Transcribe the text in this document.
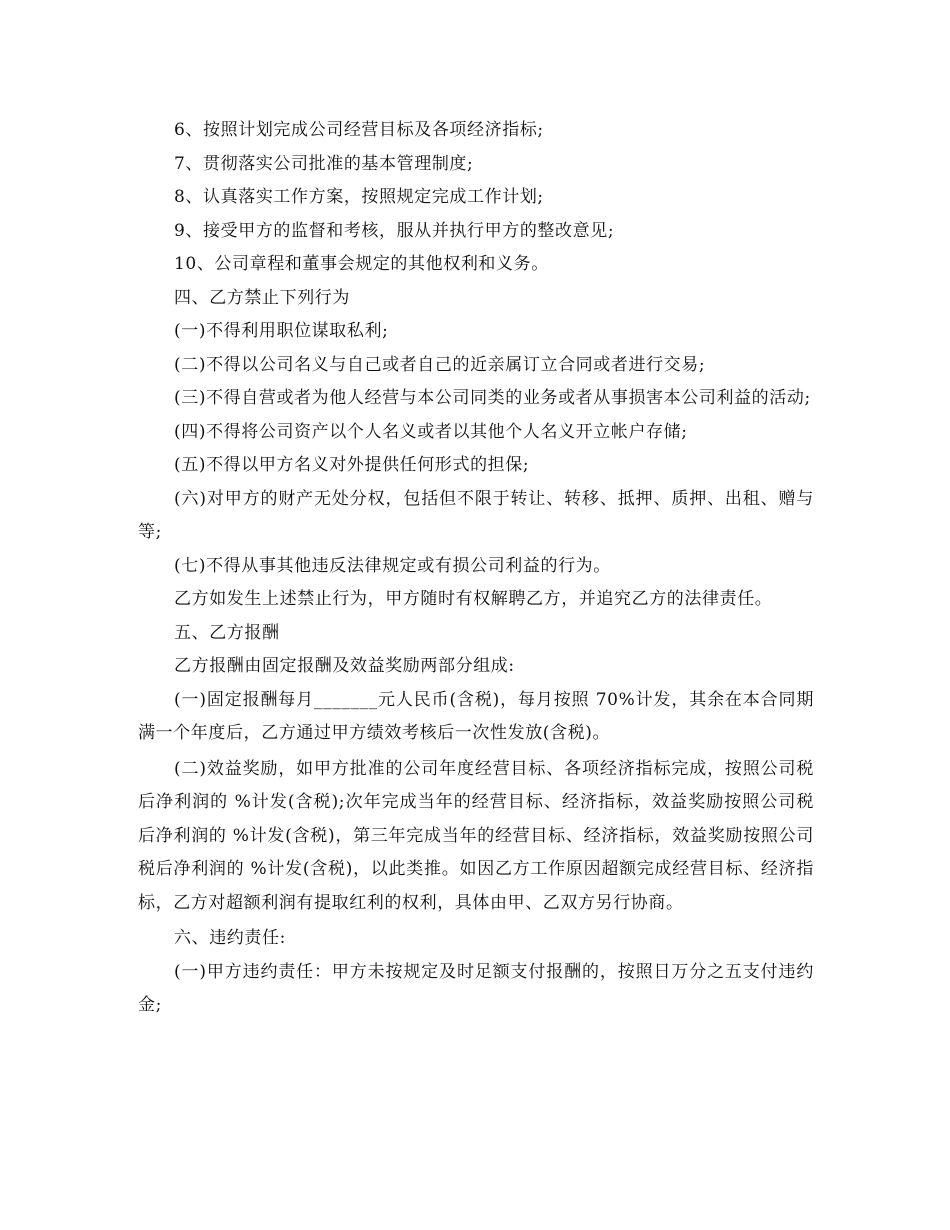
6、按照计划完成公司经营目标及各项经济指标;

7、贯彻落实公司批准的基本管理制度;

8、认真落实工作方案，按照规定完成工作计划;

9、接受甲方的监督和考核，服从并执行甲方的整改意见;

10、公司章程和董事会规定的其他权利和义务。

四、乙方禁止下列行为

(一)不得利用职位谋取私利;

(二)不得以公司名义与自己或者自己的近亲属订立合同或者进行交易;

(三)不得自营或者为他人经营与本公司同类的业务或者从事损害本公司利益的活动;

(四)不得将公司资产以个人名义或者以其他个人名义开立帐户存储;

(五)不得以甲方名义对外提供任何形式的担保;

(六)对甲方的财产无处分权，包括但不限于转让、转移、抵押、质押、出租、赠与等;

(七)不得从事其他违反法律规定或有损公司利益的行为。

乙方如发生上述禁止行为，甲方随时有权解聘乙方，并追究乙方的法律责任。

五、乙方报酬

乙方报酬由固定报酬及效益奖励两部分组成:

(一)固定报酬每月_______元人民币(含税)，每月按照 70%计发，其余在本合同期满一个年度后，乙方通过甲方绩效考核后一次性发放(含税)。

(二)效益奖励，如甲方批准的公司年度经营目标、各项经济指标完成，按照公司税后净利润的 %计发(含税);次年完成当年的经营目标、经济指标，效益奖励按照公司税后净利润的 %计发(含税)，第三年完成当年的经营目标、经济指标，效益奖励按照公司税后净利润的 %计发(含税)，以此类推。如因乙方工作原因超额完成经营目标、经济指标，乙方对超额利润有提取红利的权利，具体由甲、乙双方另行协商。

六、违约责任:

(一)甲方违约责任：甲方未按规定及时足额支付报酬的，按照日万分之五支付违约金;
